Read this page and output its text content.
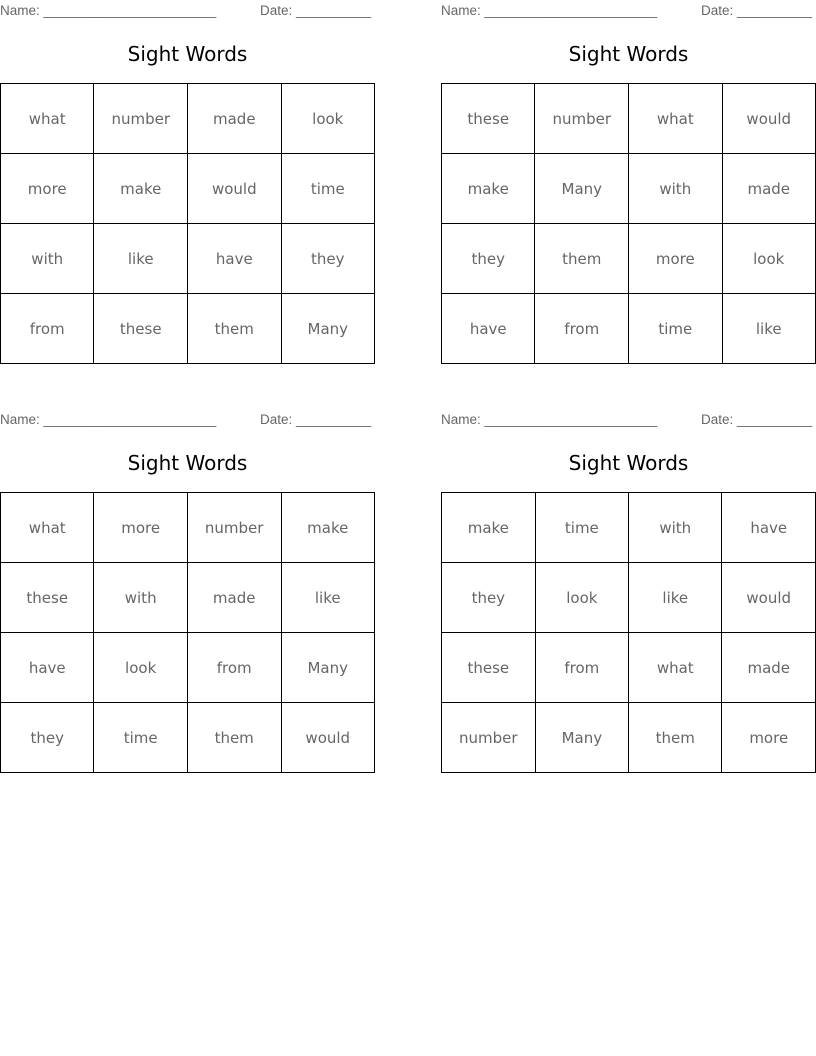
Name: _______________________	Date: __________
Sight Words
what	number	made	look
more	make	would	time
with	like	have	they
from	these	them	Many
Name: _______________________	Date: __________
Sight Words
these	number	what	would
make	Many	with	made
they	them	more	look
have	from	time	like
Name: _______________________	Date: __________
Sight Words
what	more	number	make
these	with	made	like
have	look	from	Many
they	time	them	would
Name: _______________________	Date: __________
Sight Words
make	time	with	have
they	look	like	would
these	from	what	made
number	Many	them	more
